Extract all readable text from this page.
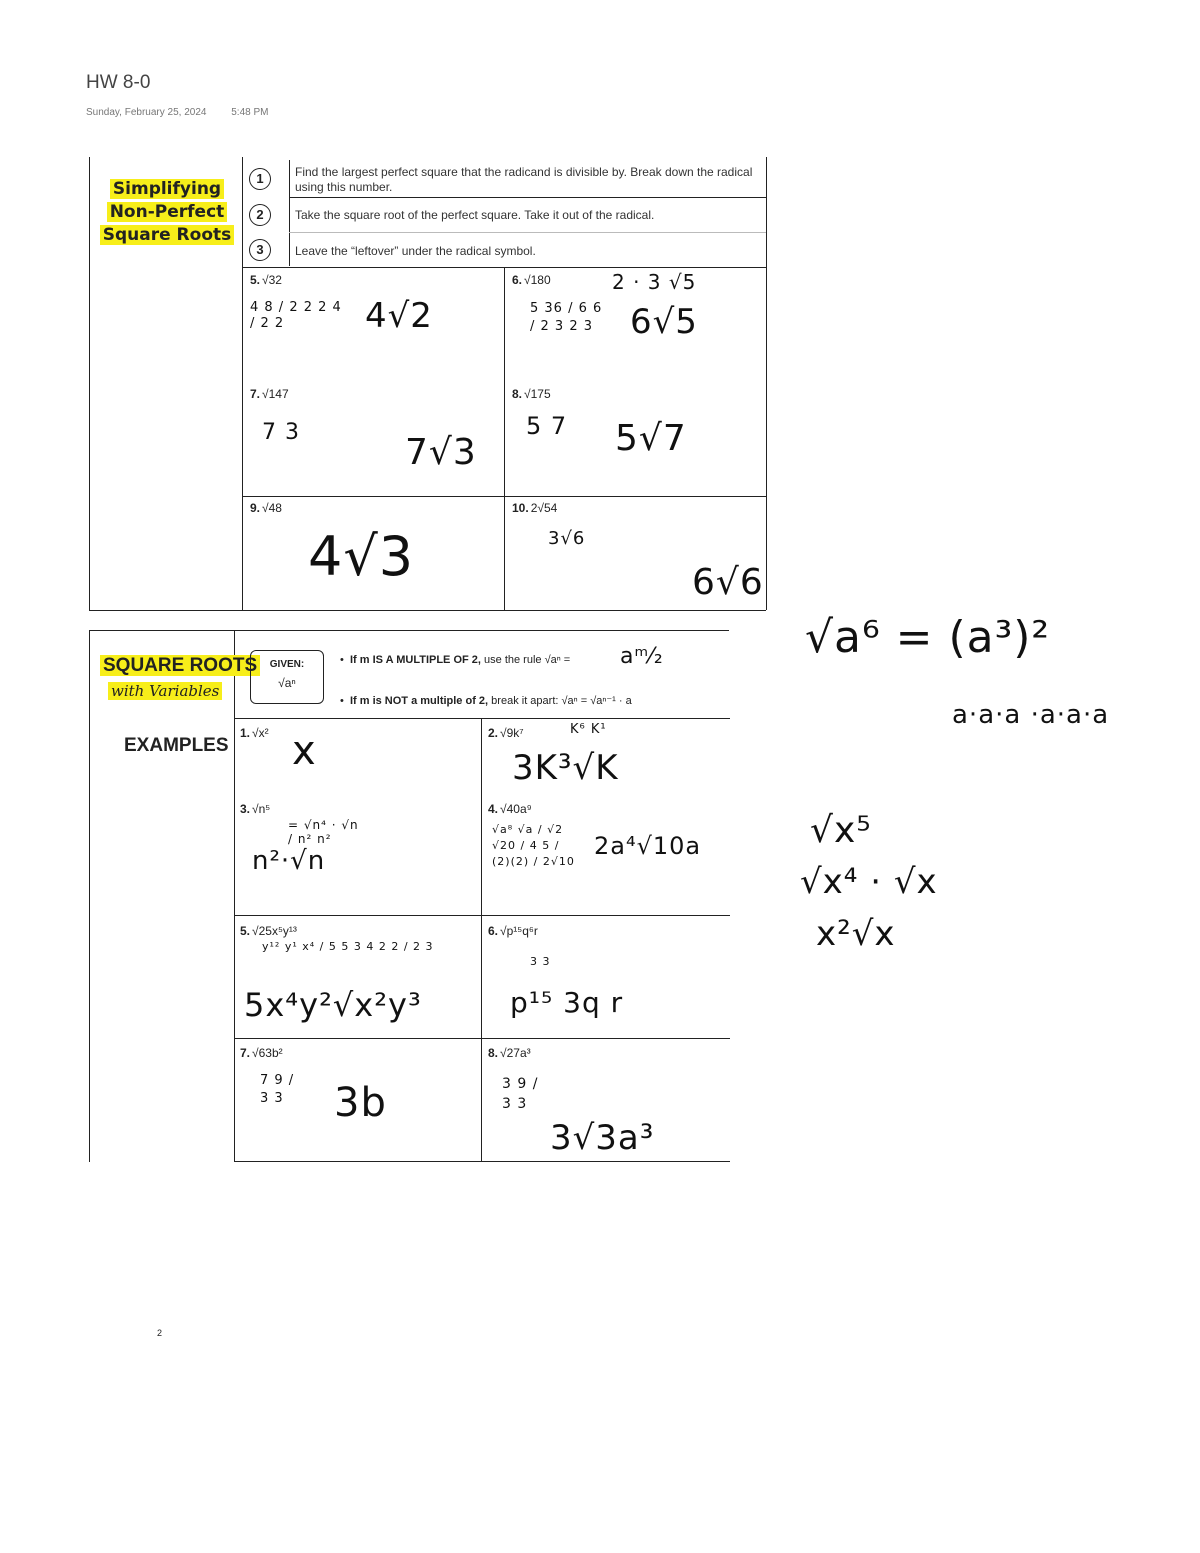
HW 8-0
Sunday, February 25, 2024 5:48 PM
Simplifying
Non-Perfect
Square Roots
1	Find the largest perfect square that the radicand is divisible by. Break down the radical using this number.
2	Take the square root of the perfect square. Take it out of the radical.
3	Leave the “leftover” under the radical symbol.
5. √32
4 8 / 2 2 2 4 / 2 2	4√2
6. √180	2 · 3 √5
5 36 / 6 6 / 2 3 2 3	6√5
7. √147
7 3	7√3
8. √175
5 7 5√7
9. √48
4√3
10. 2√54
3√6
6√6
SQUARE ROOTS
with Variables
EXAMPLES
GIVEN:
√aⁿ
•  If m IS A MULTIPLE OF 2, use the rule √aⁿ = aᵐ⁄₂
•  If m is NOT a multiple of 2, break it apart: √aⁿ = √aⁿ⁻¹ · a
1. √x² x	2. √9k⁷	K⁶ K¹
3K³√K
3. √n⁵
= √n⁴ · √n / n² n²
n²·√n
4. √40a⁹
√a⁸ √a / √2 √20 / 4 5 / (2)(2) / 2√10
2a⁴√10a
5. √25x⁵y¹³
y¹² y¹ x⁴ / 5 5 3 4 2 2 / 2 3
5x⁴y²√x²y³
6. √p¹⁵q⁶r
3 3
p¹⁵ 3q r
7. √63b²
7 9 / 3 3	3b
8. √27a³
3 9 / 3 3
3√3a³
√a⁶ = (a³)²
a·a·a ·a·a·a
√x⁵
√x⁴ · √x
x²√x
2
